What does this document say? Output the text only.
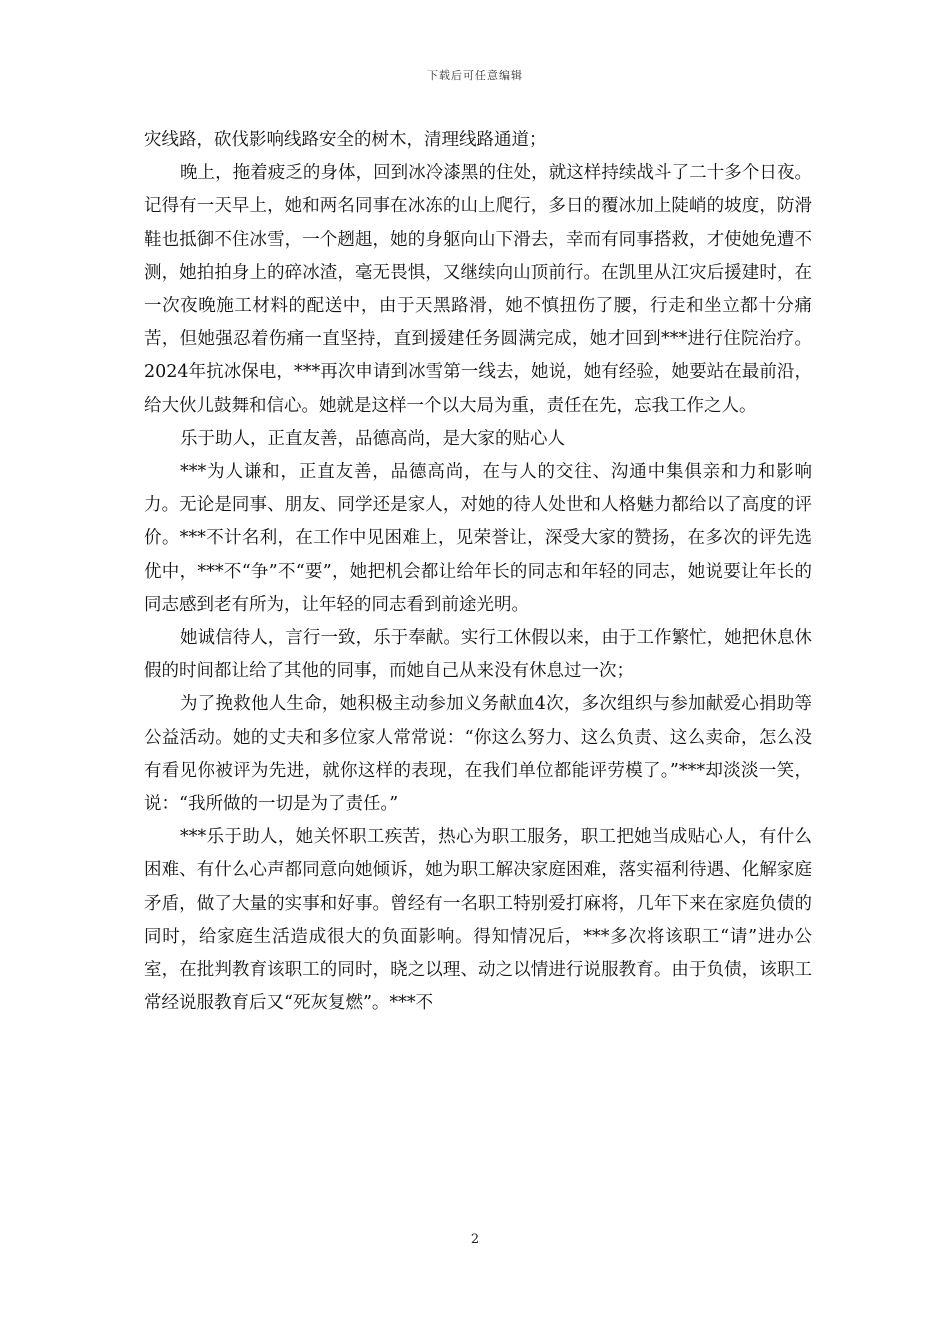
下载后可任意编辑

灾线路，砍伐影响线路安全的树木，清理线路通道；

晚上，拖着疲乏的身体，回到冰冷漆黑的住处，就这样持续战斗了二十多个日夜。记得有一天早上，她和两名同事在冰冻的山上爬行，多日的覆冰加上陡峭的坡度，防滑鞋也抵御不住冰雪，一个趔趄，她的身躯向山下滑去，幸而有同事搭救，才使她免遭不测，她拍拍身上的碎冰渣，毫无畏惧，又继续向山顶前行。在凯里从江灾后援建时，在一次夜晚施工材料的配送中，由于天黑路滑，她不慎扭伤了腰，行走和坐立都十分痛苦，但她强忍着伤痛一直坚持，直到援建任务圆满完成，她才回到***进行住院治疗。2024年抗冰保电，***再次申请到冰雪第一线去，她说，她有经验，她要站在最前沿，给大伙儿鼓舞和信心。她就是这样一个以大局为重，责任在先，忘我工作之人。

乐于助人，正直友善，品德高尚，是大家的贴心人

***为人谦和，正直友善，品德高尚，在与人的交往、沟通中集俱亲和力和影响力。无论是同事、朋友、同学还是家人，对她的待人处世和人格魅力都给以了高度的评价。***不计名利，在工作中见困难上，见荣誉让，深受大家的赞扬，在多次的评先选优中，***不“争”不“要”，她把机会都让给年长的同志和年轻的同志，她说要让年长的同志感到老有所为，让年轻的同志看到前途光明。

她诚信待人，言行一致，乐于奉献。实行工休假以来，由于工作繁忙，她把休息休假的时间都让给了其他的同事，而她自己从来没有休息过一次；

为了挽救他人生命，她积极主动参加义务献血4次，多次组织与参加献爱心捐助等公益活动。她的丈夫和多位家人常常说：“你这么努力、这么负责、这么卖命，怎么没有看见你被评为先进，就你这样的表现，在我们单位都能评劳模了。”***却淡淡一笑，说：“我所做的一切是为了责任。”

***乐于助人，她关怀职工疾苦，热心为职工服务，职工把她当成贴心人，有什么困难、有什么心声都同意向她倾诉，她为职工解决家庭困难，落实福利待遇、化解家庭矛盾，做了大量的实事和好事。曾经有一名职工特别爱打麻将，几年下来在家庭负债的同时，给家庭生活造成很大的负面影响。得知情况后，***多次将该职工“请”进办公室，在批判教育该职工的同时，晓之以理、动之以情进行说服教育。由于负债，该职工常经说服教育后又“死灰复燃”。***不

2
